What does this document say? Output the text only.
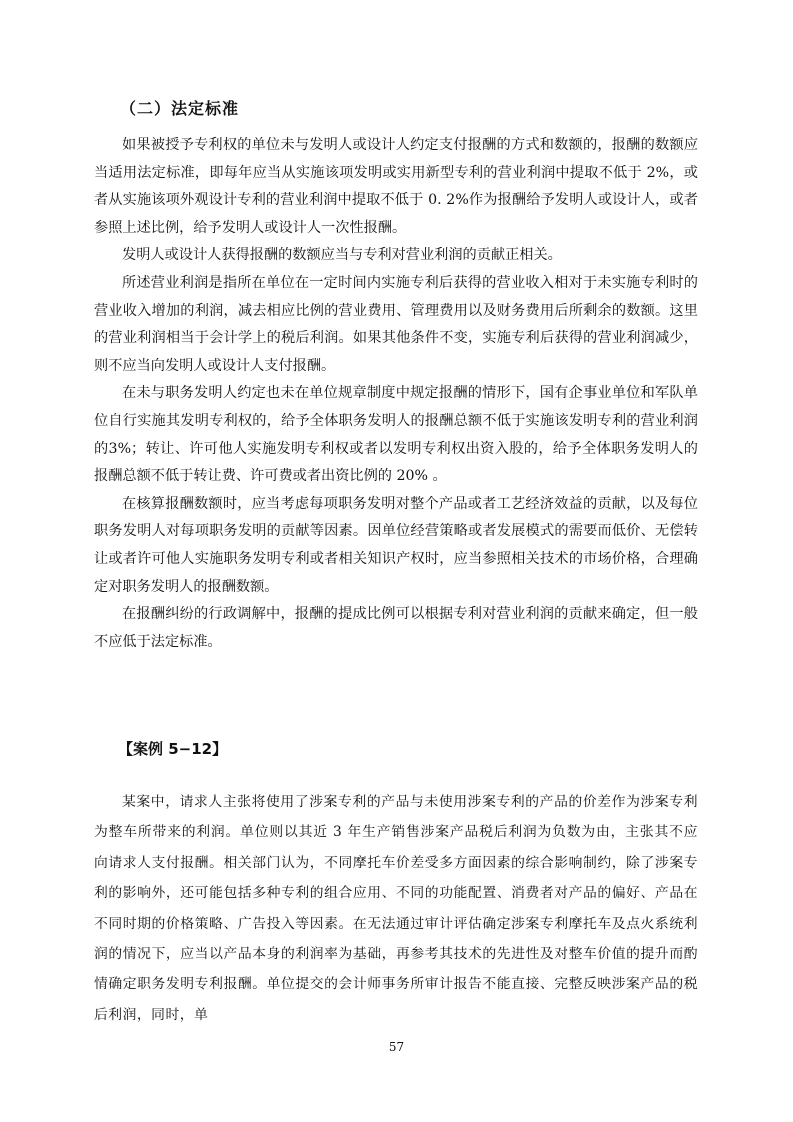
（二）法定标准

如果被授予专利权的单位未与发明人或设计人约定支付报酬的方式和数额的，报酬的数额应当适用法定标准，即每年应当从实施该项发明或实用新型专利的营业利润中提取不低于 2%，或者从实施该项外观设计专利的营业利润中提取不低于 0. 2%作为报酬给予发明人或设计人，或者参照上述比例，给予发明人或设计人一次性报酬。

发明人或设计人获得报酬的数额应当与专利对营业利润的贡献正相关。

所述营业利润是指所在单位在一定时间内实施专利后获得的营业收入相对于未实施专利时的营业收入增加的利润，减去相应比例的营业费用、管理费用以及财务费用后所剩余的数额。这里的营业利润相当于会计学上的税后利润。如果其他条件不变，实施专利后获得的营业利润减少，则不应当向发明人或设计人支付报酬。

在未与职务发明人约定也未在单位规章制度中规定报酬的情形下，国有企事业单位和军队单位自行实施其发明专利权的，给予全体职务发明人的报酬总额不低于实施该发明专利的营业利润的3%；转让、许可他人实施发明专利权或者以发明专利权出资入股的，给予全体职务发明人的报酬总额不低于转让费、许可费或者出资比例的 20% 。

在核算报酬数额时，应当考虑每项职务发明对整个产品或者工艺经济效益的贡献，以及每位职务发明人对每项职务发明的贡献等因素。因单位经营策略或者发展模式的需要而低价、无偿转让或者许可他人实施职务发明专利或者相关知识产权时，应当参照相关技术的市场价格，合理确定对职务发明人的报酬数额。

在报酬纠纷的行政调解中，报酬的提成比例可以根据专利对营业利润的贡献来确定，但一般不应低于法定标准。

【案例 5−12】

某案中，请求人主张将使用了涉案专利的产品与未使用涉案专利的产品的价差作为涉案专利为整车所带来的利润。单位则以其近 3 年生产销售涉案产品税后利润为负数为由，主张其不应向请求人支付报酬。相关部门认为，不同摩托车价差受多方面因素的综合影响制约，除了涉案专利的影响外，还可能包括多种专利的组合应用、不同的功能配置、消费者对产品的偏好、产品在不同时期的价格策略、广告投入等因素。在无法通过审计评估确定涉案专利摩托车及点火系统利润的情况下，应当以产品本身的利润率为基础，再参考其技术的先进性及对整车价值的提升而酌情确定职务发明专利报酬。单位提交的会计师事务所审计报告不能直接、完整反映涉案产品的税后利润，同时，单

57
